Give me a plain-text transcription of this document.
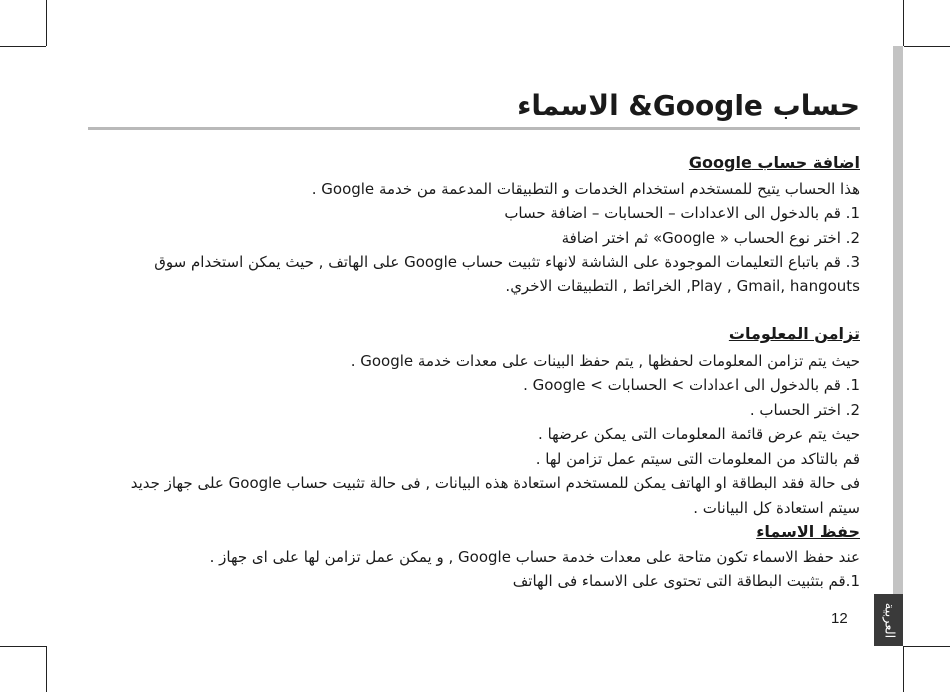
العربية
حساب Google& الاسماء
اضافة حساب Google
هذا الحساب يتيح للمستخدم استخدام الخدمات و التطبيقات المدعمة من خدمة Google .
1. قم بالدخول الى الاعدادات – الحسابات – اضافة حساب
2. اختر نوع الحساب « Google» ثم اختر اضافة
3. قم باتباع التعليمات الموجودة على الشاشة لانهاء تثبيت حساب Google على الهاتف , حيث يمكن استخدام سوق
Play , Gmail, hangouts, الخرائط , التطبيقات الاخري.
تزامن المعلومات
حيث يتم تزامن المعلومات لحفظها , يتم حفظ البينات على معدات خدمة Google .
1. قم بالدخول الى اعدادات > الحسابات > Google .
2. اختر الحساب .
حيث يتم عرض قائمة المعلومات التى يمكن عرضها .
قم بالتاكد من المعلومات التى سيتم عمل تزامن لها .
فى حالة فقد البطاقة او الهاتف يمكن للمستخدم استعادة هذه البيانات , فى حالة تثبيت حساب Google على جهاز جديد
سيتم استعادة كل البيانات .
حفظ الاسماء
عند حفظ الاسماء تكون متاحة على معدات خدمة حساب Google , و يمكن عمل تزامن لها على اى جهاز .
1.قم بتثبيت البطاقة التى تحتوى على الاسماء فى الهاتف
12
